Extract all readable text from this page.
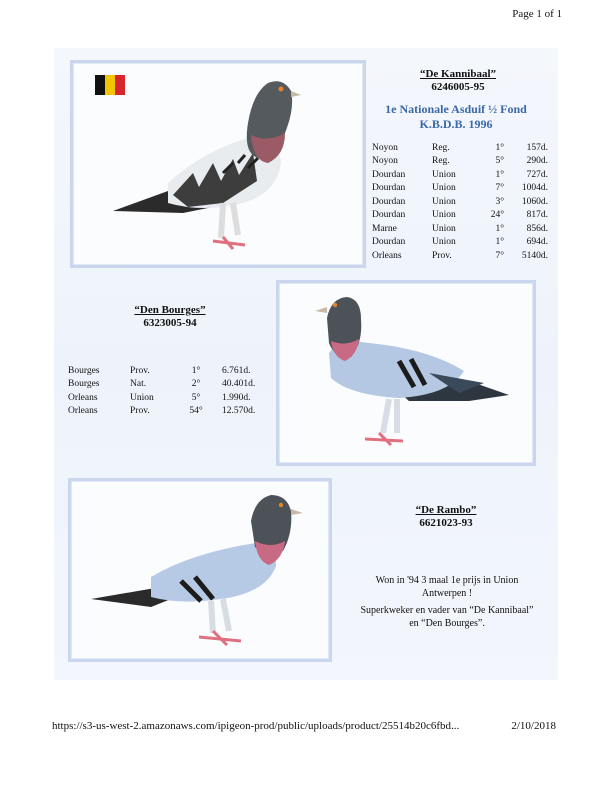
Page 1 of 1
“De Kannibaal”
6246005-95
1e Nationale Asduif ½ Fond
K.B.D.B. 1996
Noyon	Reg.	1°	157d.
Noyon	Reg.	5°	290d.
Dourdan	Union	1°	727d.
Dourdan	Union	7°	1004d.
Dourdan	Union	3°	1060d.
Dourdan	Union	24°	817d.
Marne	Union	1°	856d.
Dourdan	Union	1°	694d.
Orleans	Prov.	7°	5140d.
“Den Bourges”
6323005-94
Bourges	Prov.	1°	6.761d.
Bourges	Nat.	2°	40.401d.
Orleans	Union	5°	1.990d.
Orleans	Prov.	54°	12.570d.
“De Rambo”
6621023-93
Won in '94 3 maal 1e prijs in Union
Antwerpen !
Superkweker en vader van “De Kannibaal”
en “Den Bourges”.
https://s3-us-west-2.amazonaws.com/ipigeon-prod/public/uploads/product/25514b20c6fbd...	2/10/2018
